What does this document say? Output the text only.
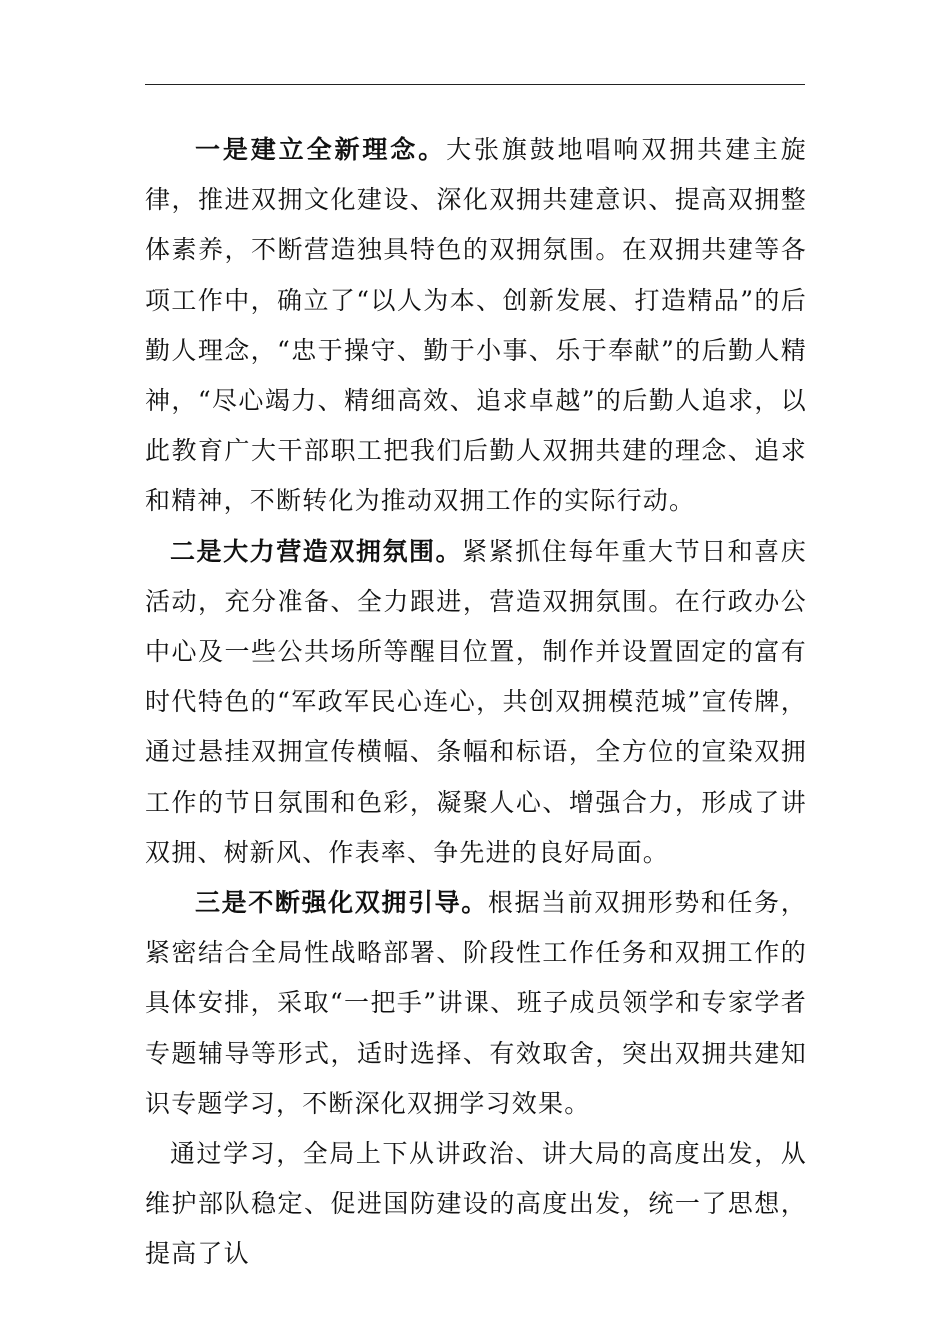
一是建立全新理念。大张旗鼓地唱响双拥共建主旋律，推进双拥文化建设、深化双拥共建意识、提高双拥整体素养，不断营造独具特色的双拥氛围。在双拥共建等各项工作中，确立了“以人为本、创新发展、打造精品”的后勤人理念，“忠于操守、勤于小事、乐于奉献”的后勤人精神，“尽心竭力、精细高效、追求卓越”的后勤人追求，以此教育广大干部职工把我们后勤人双拥共建的理念、追求和精神，不断转化为推动双拥工作的实际行动。

二是大力营造双拥氛围。紧紧抓住每年重大节日和喜庆活动，充分准备、全力跟进，营造双拥氛围。在行政办公中心及一些公共场所等醒目位置，制作并设置固定的富有时代特色的“军政军民心连心，共创双拥模范城”宣传牌，通过悬挂双拥宣传横幅、条幅和标语，全方位的宣染双拥工作的节日氛围和色彩，凝聚人心、增强合力，形成了讲双拥、树新风、作表率、争先进的良好局面。

三是不断强化双拥引导。根据当前双拥形势和任务，紧密结合全局性战略部署、阶段性工作任务和双拥工作的具体安排，采取“一把手”讲课、班子成员领学和专家学者专题辅导等形式，适时选择、有效取舍，突出双拥共建知识专题学习，不断深化双拥学习效果。

通过学习，全局上下从讲政治、讲大局的高度出发，从维护部队稳定、促进国防建设的高度出发，统一了思想，提高了认
